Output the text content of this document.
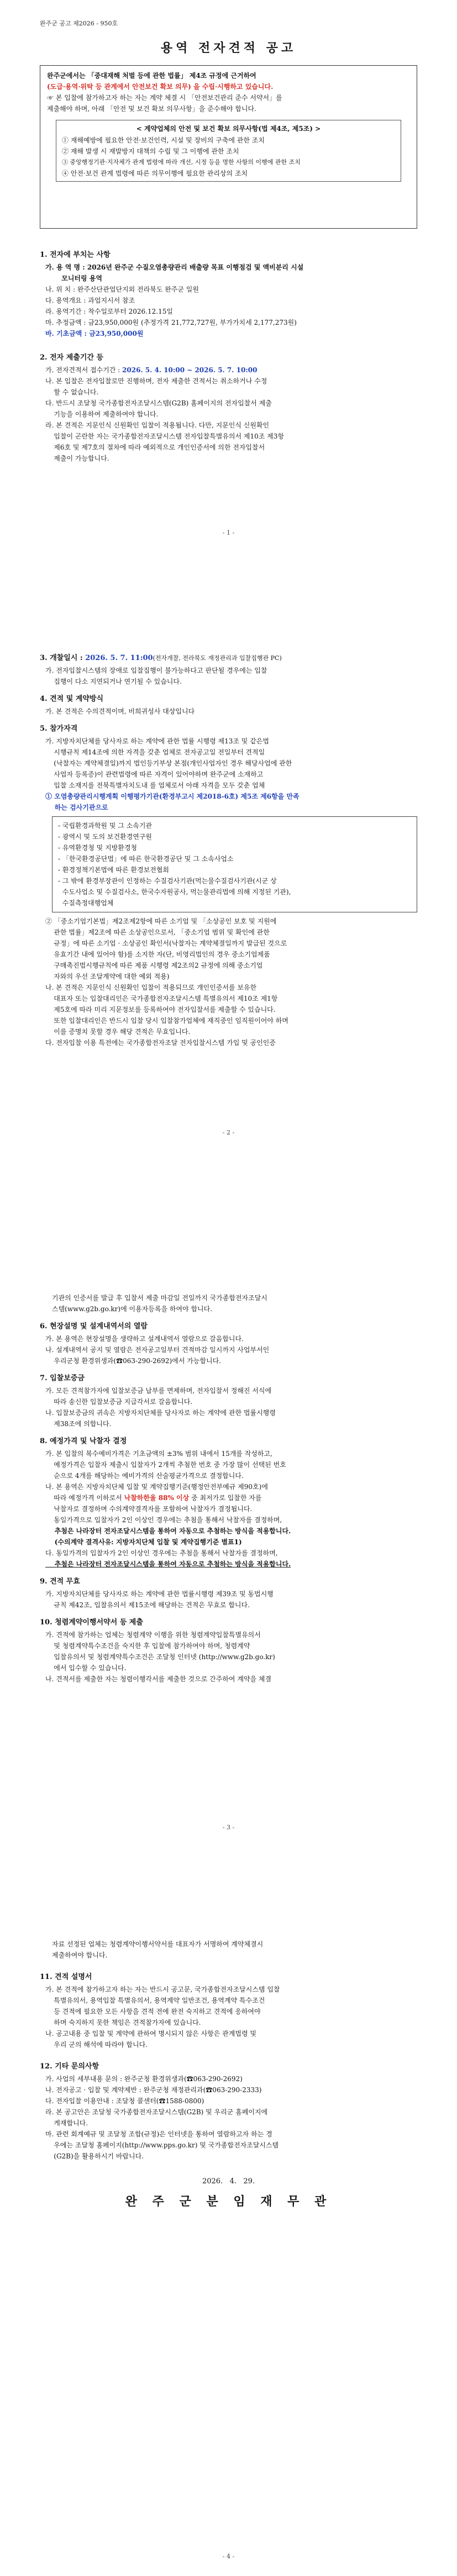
완주군 공고 제2026 - 950호
용역 전자견적 공고
완주군에서는 「중대재해 처벌 등에 관한 법률」 제4조 규정에 근거하여
(도급·용역·위탁 등 관계에서 안전보건 확보 의무) 을 수립·시행하고 있습니다.
☞ 본 입찰에 참가하고자 하는 자는 계약 체결 시 「안전보건관리 준수 서약서」를
제출해야 하며, 아래 「안전 및 보건 확보 의무사항」을 준수해야 합니다.
< 계약업체의 안전 및 보건 확보 의무사항(법 제4조, 제5조) >
① 재해예방에 필요한 안전·보건인력, 시설 및 장비의 구축에 관한 조치
② 재해 발생 시 재발방지 대책의 수립 및 그 이행에 관한 조치
③ 중앙행정기관·지자체가 관계 법령에 따라 개선, 시정 등을 명한 사항의 이행에 관한 조치
④ 안전·보건 관계 법령에 따른 의무이행에 필요한 관리상의 조치
1. 전자에 부치는 사항
가. 용 역 명 : 2026년 완주군 수질오염총량관리 배출량 목표 이행점검 및 액비분리 시설
모니터링 용역
나. 위 치 : 완주산단관업단지외 전라북도 완주군 일원
다. 용역개요 : 과업지시서 참조
라. 용역기간 : 착수일로부터 2026.12.15일
마. 추정금액 : 금23,950,000원 (추정가격 21,772,727원, 부가가치세 2,177,273원)
바. 기초금액 : 금23,950,000원
2. 전자 제출기간 등
가. 전자견적서 접수기간 : 2026. 5. 4. 10:00 ~ 2026. 5. 7. 10:00
나. 본 입찰은 전자입찰로만 진행하며, 전자 제출한 견적서는 취소하거나 수정
할 수 없습니다.
다. 반드시 조달청 국가종합전자조달시스템(G2B) 홈페이지의 전자입찰서 제출
기능을 이용하여 제출하여야 합니다.
라. 본 견적은 지문인식 신원확인 입찰이 적용됩니다. 다만, 지문인식 신원확인
입찰이 곤란한 자는 국가종합전자조달시스템 전자입찰특별유의서 제10조 제3항
제6호 및 제7호의 절차에 따라 예외적으로 개인인증서에 의한 전자입찰서
제출이 가능합니다.
- 1 -
3. 개찰일시 : 2026. 5. 7. 11:00(전자개찰, 전라북도 재정관리과 입찰집행관 PC)
가. 전자입찰시스템의 장애로 입찰집행이 불가능하다고 판단될 경우에는 입찰
집행이 다소 지연되거나 연기될 수 있습니다.
4. 견적 및 계약방식
가. 본 견적은 수의견적이며, 비희귀성사 대상입니다
5. 참가자격
가. 지방자치단체를 당사자로 하는 계약에 관한 법률 시행령 제13조 및 같은법
시행규칙 제14조에 의한 자격을 갖춘 업체로 전자공고일 전일부터 견적일
(낙찰자는 계약체결일)까지 법인등기부상 본점(개인사업자인 경우 해당사업에 관한
사업자 등록증)이 관련법령에 따른 자격이 있어야하며 완주군에 소재하고
입찰 소재지를 전북특별자치도내 를 업체로서 아래 자격을 모두 갖춘 업체
① 오염총량관리시행계획 이행평가기관(환경부고시 제2018-6호) 제5조 제6항을 만족
하는 검사기관으로
- 국립환경과학원 및 그 소속기관
- 광역시 및 도의 보건환경연구원
- 유역환경청 및 지방환경청
- 「한국환경공단법」에 따른 한국환경공단 및 그 소속사업소
- 환경정책기본법에 따른 환경보전협회
- 그 밖에 환경부장관이 인정하는 수질검사기관(먹는물수질검사기관(시군 상
수도사업소 및 수질검사소, 한국수자원공사, 먹는물관리법에 의해 지정된 기관),
수질측정대행업체
② 「중소기업기본법」제2조제2항에 따른 소기업 및 「소상공인 보호 및 지원에
관한 법률」제2조에 따른 소상공인으로서, 「중소기업 범위 및 확인에 관한
규정」에 따른 소기업 · 소상공인 확인서(낙찰자는 계약체결일까지 발급된 것으로
유효기간 내에 있어야 함)를 소지한 자(단, 비영리법인의 경우 중소기업제품
구매촉진법시행규칙에 따른 제품 시행령 제2조의2 규정에 의해 중소기업
자와의 우선 조달계약에 대한 예외 적용)
나. 본 견적은 지문인식 신원확인 입찰이 적용되므로 개인인증서를 보유한
대표자 또는 입찰대리인은 국가종합전자조달시스템 특별유의서 제10조 제1항
제5호에 따라 미리 지문정보를 등록하여야 전자입찰서를 제출할 수 있습니다.
또한 입찰대리인은 반드시 입찰 당시 입찰참가업체에 재직중인 임직원이어야 하며
이를 증명치 못할 경우 해당 견적은 무효입니다.
다. 전자입찰 이용 특전에는 국가종합전자조달 전자입찰시스템 가입 및 공인인증
- 2 -
기관의 인증서를 발급 후 입찰서 제출 마감일 전일까지 국가종합전자조달시
스템(www.g2b.go.kr)에 이용자등록을 하여야 합니다.
6. 현장설명 및 설계내역서의 열람
가. 본 용역은 현장설명을 생략하고 설계내역서 열람으로 갈음합니다.
나. 설계내역서 공지 및 열람은 전자공고일부터 견적마감 일시까지 사업부서인
우리군청 환경위생과(☎063-290-2692)에서 가능합니다.
7. 입찰보증금
가. 모든 견적참가자에 입찰보증금 납부를 면제하며, 전자입찰서 정해진 서식에
따라 송신한 입찰보증금 지급각서로 갈음합니다.
나. 입찰보증금의 귀속은 지방자치단체를 당사자로 하는 계약에 관한 법률시행령
제38조에 의합니다.
8. 예정가격 및 낙찰자 결정
가. 본 입찰의 복수예비가격은 기초금액의 ±3% 범위 내에서 15개를 작성하고,
예정가격은 입찰자 제출시 입찰자가 2개씩 추첨한 번호 중 가장 많이 선택된 번호
순으로 4개를 해당하는 예비가격의 산술평균가격으로 결정합니다.
나. 본 용역은 지방자치단체 입찰 및 계약집행기준(행정안전부예규 제90호)에
따라 예정가격 이하로서 낙찰하한율 88% 이상 중 최저가로 입찰한 자를
낙찰자로 결정하며 수의계약결격자를 포함하여 낙찰자가 결정됩니다.
동일가격으로 입찰자가 2인 이상인 경우에는 추첨을 통해서 낙찰자를 결정하며,
추첨은 나라장터 전자조달시스템을 통하여 자동으로 추첨하는 방식을 적용합니다.
(수의계약 결격사유: 지방자치단체 입찰 및 계약집행기준 별표1)
다. 동일가격의 입찰자가 2인 이상인 경우에는 추첨을 통해서 낙찰자를 결정하며,
추첨은 나라장터 전자조달시스템을 통하여 자동으로 추첨하는 방식을 적용합니다.
9. 견적 무효
가. 지방자치단체를 당사자로 하는 계약에 관한 법률시행령 제39조 및 동법시행
규칙 제42조, 입찰유의서 제15조에 해당하는 견적은 무효로 합니다.
10. 청렴계약이행서약서 등 제출
가. 견적에 참가하는 업체는 청렴계약 이행을 위한 청렴계약입찰특별유의서
및 청렴계약특수조건을 숙지한 후 입찰에 참가하여야 하며, 청렴계약
입찰유의서 및 청렴계약특수조건은 조달청 인터넷 (http://www.g2b.go.kr)
에서 입수할 수 있습니다.
나. 견적서를 제출한 자는 청렴이행각서를 제출한 것으로 간주하여 계약을 체결
- 3 -
자료 선정된 업체는 청렴계약이행서약서를 대표자가 서명하여 계약체결시
제출하여야 합니다.
11. 견적 설명서
가. 본 견적에 참가하고자 하는 자는 반드시 공고문, 국가종합전자조달시스템 입찰
특별유의서, 용역입찰 특별유의서, 용역계약 일반조건, 용역계약 특수조건
등 견적에 필요한 모든 사항을 견적 전에 완전 숙지하고 견적에 응하여야
하며 숙지하지 못한 책임은 견적참가자에 있습니다.
나. 공고내용 중 입찰 및 계약에 관하여 명시되지 않은 사항은 관계법령 및
우리 군의 해석에 따라야 합니다.
12. 기타 문의사항
가. 사업의 세부내용 문의 : 완주군청 환경위생과(☎063-290-2692)
나. 전자공고 · 입찰 및 계약제반 : 완주군청 재정관리과(☎063-290-2333)
다. 전자입찰 이용안내 : 조달청 콜센터(☎1588-0800)
라. 본 공고안은 조달청 국가종합전자조달시스템(G2B) 및 우리군 홈페이지에
게재합니다.
마. 관련 회계예규 및 조달청 조합(규정)은 인터넷을 통하여 열람하고자 하는 경
우에는 조달청 홈페이지(http://www.pps.go.kr) 및 국가종합전자조달시스템
(G2B)을 활용하시기 바랍니다.
2026.   4.   29.
완 주 군 분 임 재 무 관
- 4 -
